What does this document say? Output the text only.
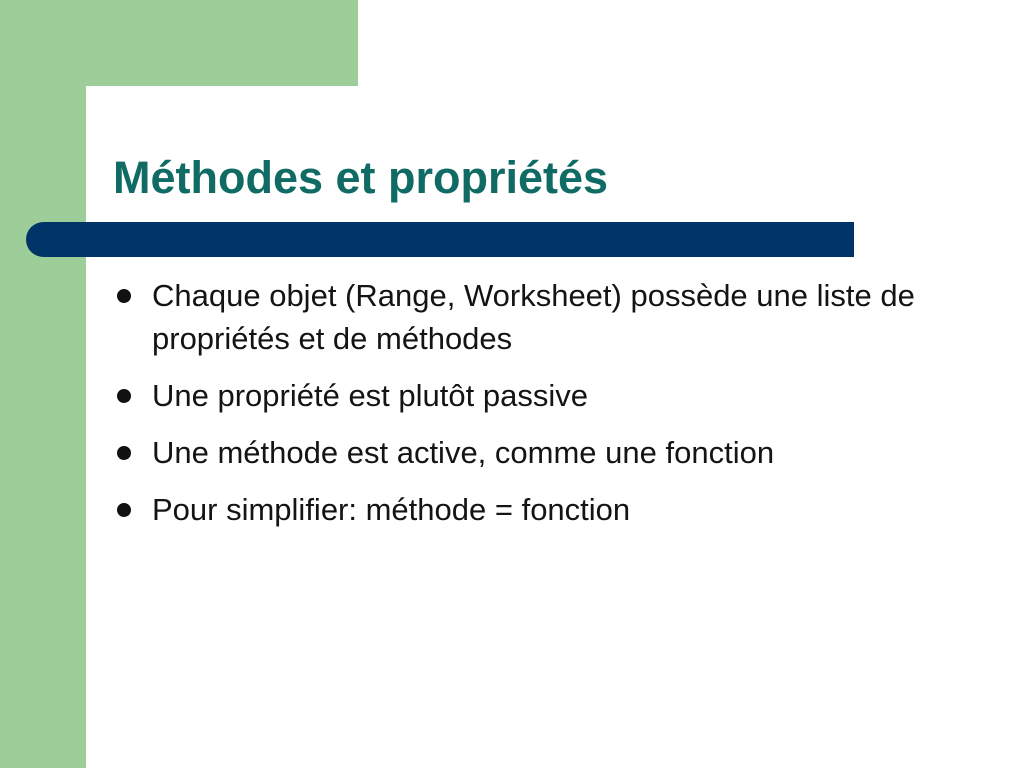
Méthodes et propriétés
Chaque objet (Range, Worksheet) possède une liste de propriétés et de méthodes
Une propriété est plutôt passive
Une méthode est active, comme une fonction
Pour simplifier: méthode = fonction
